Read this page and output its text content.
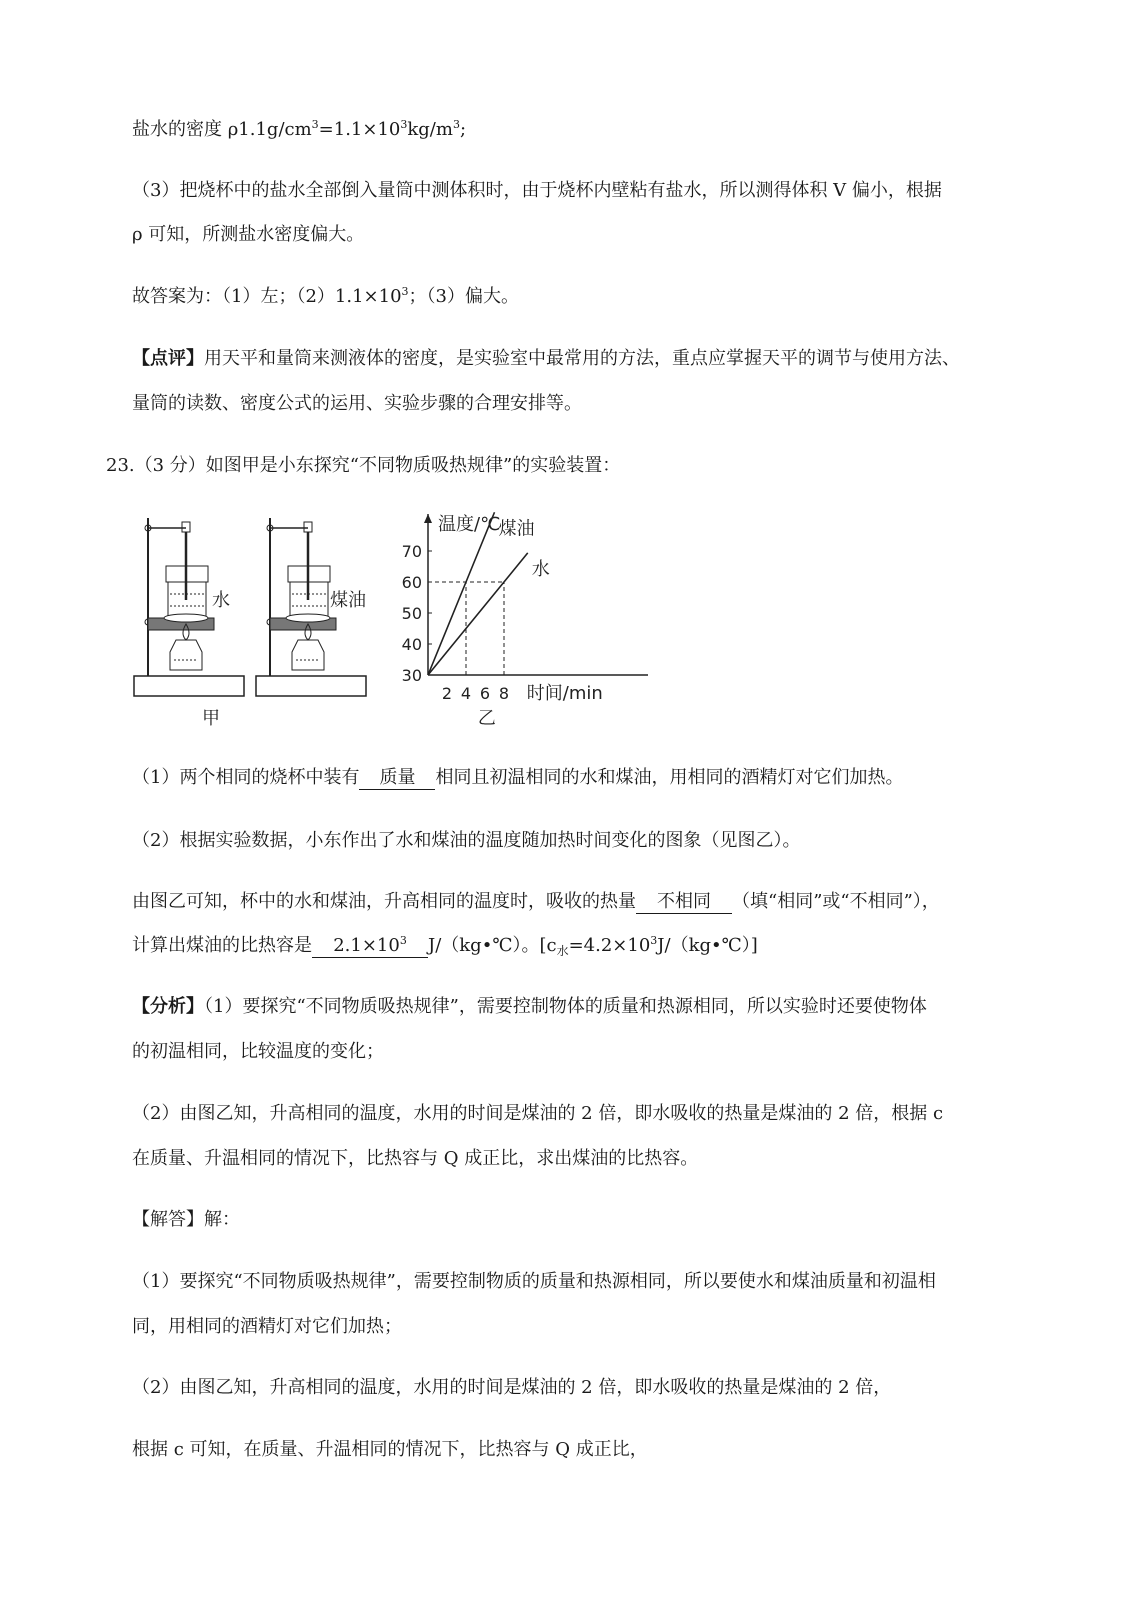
盐水的密度 $\rho 1.1g/cm^3=1.1\times 10^3kg/m^3$;
（3）把烧杯中的盐水全部倒入量筒中测体积时，由于烧杯内壁粘有盐水，所以测得体积 V 偏小，根据
ρ 可知，所测盐水密度偏大。
故答案为：（1）左；$(2)1.1\times 10^3$；（3）偏大。
【点评】用天平和量筒来测液体的密度，是实验室中最常用的方法，重点应掌握天平的调节与使用方法、
量筒的读数、密度公式的运用、实验步骤的合理安排等。
23.（3 分）如图甲是小东探究“不同物质吸热规律”的实验装置：
水	煤油
甲
温度/℃
时间/min
30
40
50
60
70
2 4 6 8
煤油
水
乙
（1）两个相同的烧杯中装有 质量 相同且初温相同的水和煤油，用相同的酒精灯对它们加热。
（2）根据实验数据，小东作出了水和煤油的温度随加热时间变化的图象（见图乙）。
由图乙可知，杯中的水和煤油，升高相同的温度时，吸收的热量 不相同 （填“相同”或“不相同”），
计算出煤油的比热容是 $2.1\times 10^3$ J/（kg•℃）。$[c_水=4.2\times 10^3J/(kg•℃)]$
【分析】（1）要探究“不同物质吸热规律”，需要控制物体的质量和热源相同，所以实验时还要使物体
的初温相同，比较温度的变化；
（2）由图乙知，升高相同的温度，水用的时间是煤油的 2 倍，即水吸收的热量是煤油的 2 倍，根据 c
在质量、升温相同的情况下，比热容与 Q 成正比，求出煤油的比热容。
【解答】解：
（1）要探究“不同物质吸热规律”，需要控制物质的质量和热源相同，所以要使水和煤油质量和初温相
同，用相同的酒精灯对它们加热；
（2）由图乙知，升高相同的温度，水用的时间是煤油的 2 倍，即水吸收的热量是煤油的 2 倍，
根据 c 可知，在质量、升温相同的情况下，比热容与 Q 成正比，
